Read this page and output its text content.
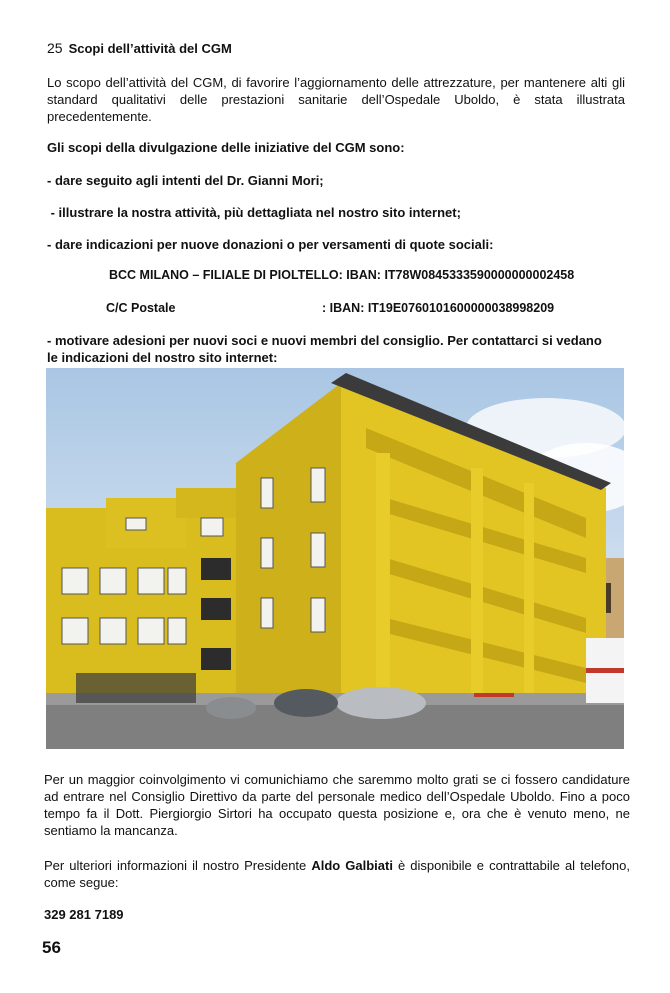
25 Scopi dell’attività del CGM
Lo scopo dell’attività del CGM, di favorire l’aggiornamento delle attrezzature, per mantenere alti gli standard qualitativi delle prestazioni sanitarie dell’Ospedale Uboldo, è stata illustrata precedentemente.
Gli scopi della divulgazione delle iniziative del CGM sono:
- dare seguito agli intenti del Dr. Gianni Mori;
- illustrare la nostra attività, più dettagliata nel nostro sito internet;
- dare indicazioni per nuove donazioni o per versamenti di quote sociali:
BCC MILANO – FILIALE DI PIOLTELLO: IBAN: IT78W0845333590000000002458
C/C Postale	: IBAN: IT19E0760101600000038998209
- motivare adesioni per nuovi soci e nuovi membri del consiglio. Per contattarci si vedano le indicazioni del nostro sito internet:
Per un maggior coinvolgimento vi comunichiamo che saremmo molto grati se ci fossero candidature ad entrare nel Consiglio Direttivo da parte del personale medico dell’Ospedale Uboldo. Fino a poco tempo fa il Dott. Piergiorgio Sirtori ha occupato questa posizione e, ora che è venuto meno, ne sentiamo la mancanza.
Per ulteriori informazioni il nostro Presidente Aldo Galbiati è disponibile e contrattabile al telefono, come segue:
329 281 7189
56
